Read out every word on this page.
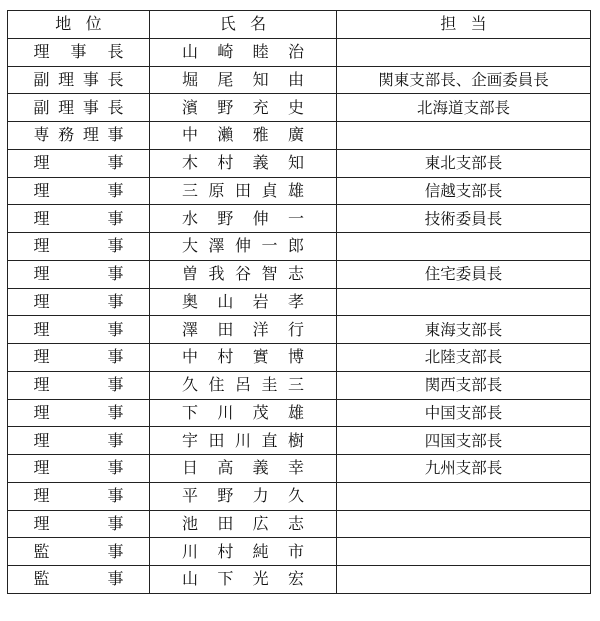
地位	氏名	担当
理事長	山崎睦治	
副理事長	堀尾知由	関東支部長、企画委員長
副理事長	濱野充史	北海道支部長
専務理事	中瀨雅廣	
理事	木村義知	東北支部長
理事	三原田貞雄	信越支部長
理事	水野伸一	技術委員長
理事	大澤伸一郎	
理事	曽我谷智志	住宅委員長
理事	奥山岩孝	
理事	澤田洋行	東海支部長
理事	中村實博	北陸支部長
理事	久住呂圭三	関西支部長
理事	下川茂雄	中国支部長
理事	宇田川直樹	四国支部長
理事	日高義幸	九州支部長
理事	平野力久	
理事	池田広志	
監事	川村純市	
監事	山下光宏	
